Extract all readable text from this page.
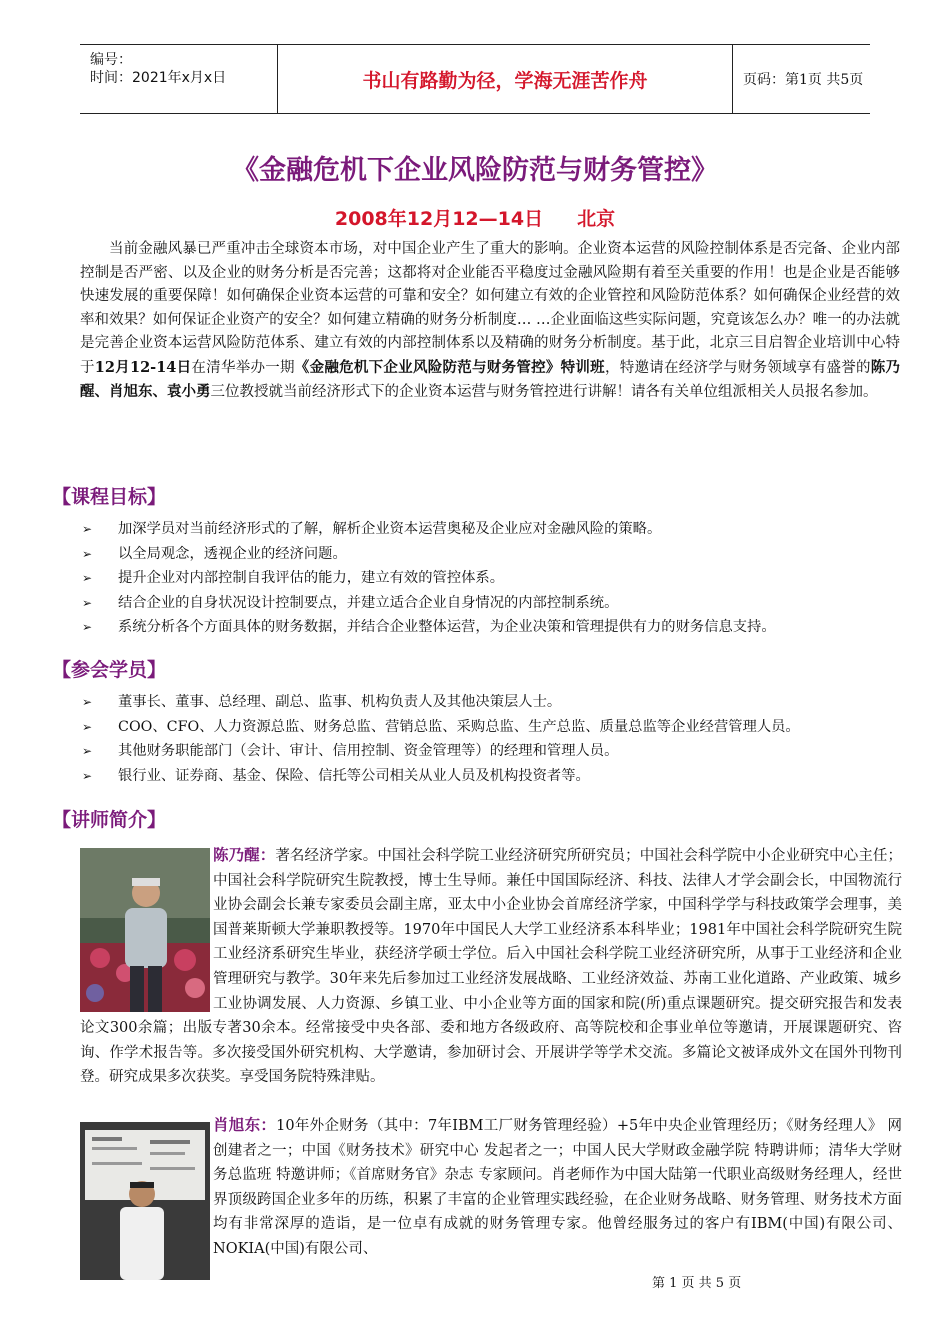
编号：
时间：2021年x月x日	书山有路勤为径，学海无涯苦作舟	页码：第1页 共5页
《金融危机下企业风险防范与财务管控》
2008年12月12—14日 北京
当前金融风暴已严重冲击全球资本市场，对中国企业产生了重大的影响。企业资本运营的风险控制体系是否完备、企业内部控制是否严密、以及企业的财务分析是否完善；这都将对企业能否平稳度过金融风险期有着至关重要的作用！也是企业是否能够快速发展的重要保障！如何确保企业资本运营的可靠和安全？如何建立有效的企业管控和风险防范体系？如何确保企业经营的效率和效果？如何保证企业资产的安全？如何建立精确的财务分析制度… …企业面临这些实际问题，究竟该怎么办？唯一的办法就是完善企业资本运营风险防范体系、建立有效的内部控制体系以及精确的财务分析制度。基于此，北京三目启智企业培训中心特于12月12-14日在清华举办一期《金融危机下企业风险防范与财务管控》特训班，特邀请在经济学与财务领域享有盛誉的陈乃醒、肖旭东、袁小勇三位教授就当前经济形式下的企业资本运营与财务管控进行讲解！请各有关单位组派相关人员报名参加。
【课程目标】
➢	加深学员对当前经济形式的了解，解析企业资本运营奥秘及企业应对金融风险的策略。
➢	以全局观念，透视企业的经济问题。
➢	提升企业对内部控制自我评估的能力，建立有效的管控体系。
➢	结合企业的自身状况设计控制要点，并建立适合企业自身情况的内部控制系统。
➢	系统分析各个方面具体的财务数据，并结合企业整体运营，为企业决策和管理提供有力的财务信息支持。
【参会学员】
➢	董事长、董事、总经理、副总、监事、机构负责人及其他决策层人士。
➢	COO、CFO、人力资源总监、财务总监、营销总监、采购总监、生产总监、质量总监等企业经营管理人员。
➢	其他财务职能部门（会计、审计、信用控制、资金管理等）的经理和管理人员。
➢	银行业、证券商、基金、保险、信托等公司相关从业人员及机构投资者等。
【讲师简介】
陈乃醒：著名经济学家。中国社会科学院工业经济研究所研究员；中国社会科学院中小企业研究中心主任；中国社会科学院研究生院教授，博士生导师。兼任中国国际经济、科技、法律人才学会副会长，中国物流行业协会副会长兼专家委员会副主席，亚太中小企业协会首席经济学家，中国科学学与科技政策学会理事，美国普莱斯顿大学兼职教授等。1970年中国民人大学工业经济系本科毕业；1981年中国社会科学院研究生院工业经济系研究生毕业，获经济学硕士学位。后入中国社会科学院工业经济研究所，从事于工业经济和企业管理研究与教学。30年来先后参加过工业经济发展战略、工业经济效益、苏南工业化道路、产业政策、城乡工业协调发展、人力资源、乡镇工业、中小企业等方面的国家和院(所)重点课题研究。提交研究报告和发表论文300余篇；出版专著30余本。经常接受中央各部、委和地方各级政府、高等院校和企事业单位等邀请，开展课题研究、咨询、作学术报告等。多次接受国外研究机构、大学邀请，参加研讨会、开展讲学等学术交流。多篇论文被译成外文在国外刊物刊登。研究成果多次获奖。享受国务院特殊津贴。
肖旭东：10年外企财务（其中：7年IBM工厂财务管理经验）+5年中央企业管理经历；《财务经理人》 网创建者之一；中国《财务技术》研究中心 发起者之一；中国人民大学财政金融学院 特聘讲师；清华大学财务总监班 特邀讲师；《首席财务官》杂志 专家顾问。肖老师作为中国大陆第一代职业高级财务经理人，经世界顶级跨国企业多年的历练，积累了丰富的企业管理实践经验，在企业财务战略、财务管理、财务技术方面均有非常深厚的造诣，是一位卓有成就的财务管理专家。他曾经服务过的客户有IBM(中国)有限公司、NOKIA(中国)有限公司、
第 1 页 共 5 页
